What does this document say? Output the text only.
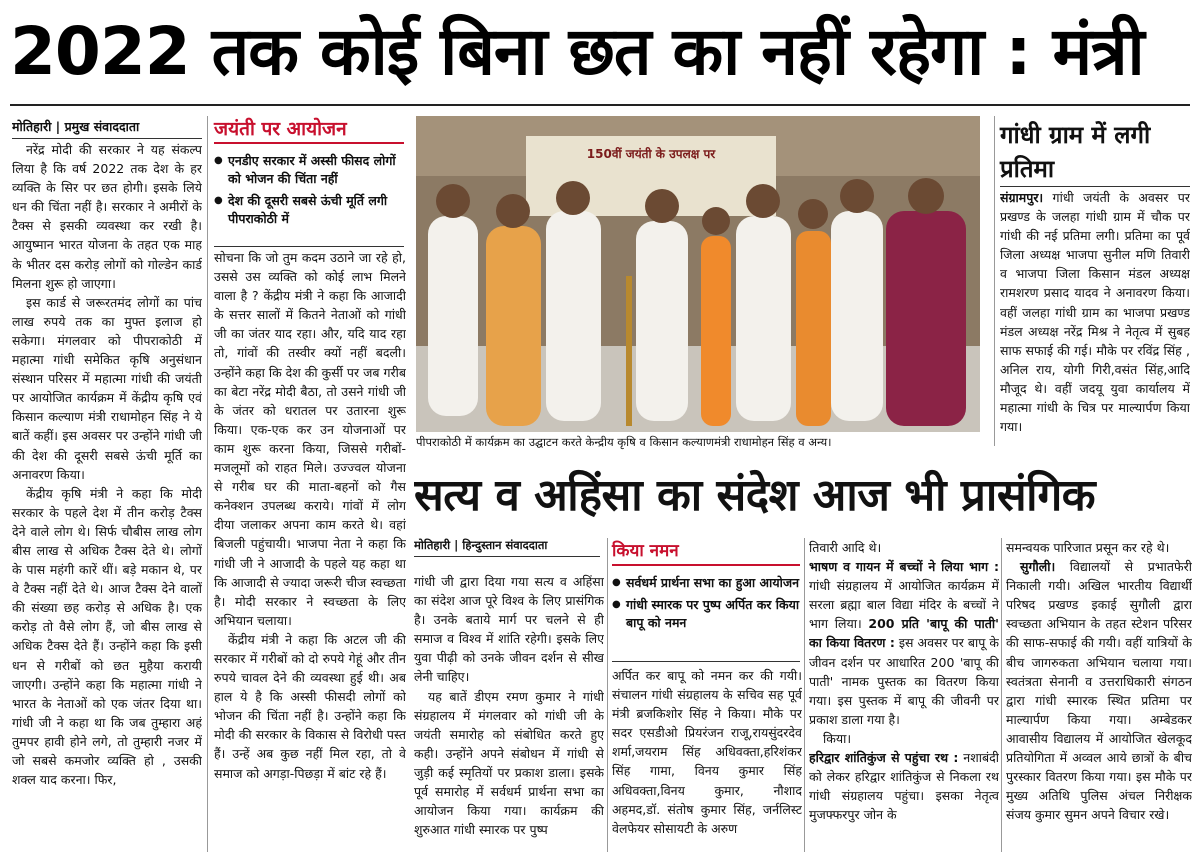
2022 तक कोई बिना छत का नहीं रहेगा : मंत्री
मोतिहारी | प्रमुख संवाददाता

नरेंद्र मोदी की सरकार ने यह संकल्प लिया है कि वर्ष 2022 तक देश के हर व्यक्ति के सिर पर छत होगी। इसके लिये धन की चिंता नहीं है। सरकार ने अमीरों के टैक्स से इसकी व्यवस्था कर रखी है। आयुष्मान भारत योजना के तहत एक माह के भीतर दस करोड़ लोगों को गोल्डेन कार्ड मिलना शुरू हो जाएगा।

इस कार्ड से जरूरतमंद लोगों का पांच लाख रुपये तक का मुफ्त इलाज हो सकेगा। मंगलवार को पीपराकोठी में महात्मा गांधी समेकित कृषि अनुसंधान संस्थान परिसर में महात्मा गांधी की जयंती पर आयोजित कार्यक्रम में केंद्रीय कृषि एवं किसान कल्याण मंत्री राधामोहन सिंह ने ये बातें कहीं। इस अवसर पर उन्होंने गांधी जी की देश की दूसरी सबसे ऊंची मूर्ति का अनावरण किया।

केंद्रीय कृषि मंत्री ने कहा कि मोदी सरकार के पहले देश में तीन करोड़ टैक्स देने वाले लोग थे। सिर्फ चौबीस लाख लोग बीस लाख से अधिक टैक्स देते थे। लोगों के पास महंगी कारें थीं। बड़े मकान थे, पर वे टैक्स नहीं देते थे। आज टैक्स देने वालों की संख्या छह करोड़ से अधिक है। एक करोड़ तो वैसे लोग हैं, जो बीस लाख से अधिक टैक्स देते हैं। उन्होंने कहा कि इसी धन से गरीबों को छत मुहैया करायी जाएगी। उन्होंने कहा कि महात्मा गांधी ने भारत के नेताओं को एक जंतर दिया था। गांधी जी ने कहा था कि जब तुम्हारा अहं तुमपर हावी होने लगे, तो तुम्हारी नजर में जो सबसे कमजोर व्यक्ति हो , उसकी शक्ल याद करना। फिर,

जयंती पर आयोजन
● एनडीए सरकार में अस्सी फीसद लोगों को भोजन की चिंता नहीं
● देश की दूसरी सबसे ऊंची मूर्ति लगी पीपराकोठी में

सोचना कि जो तुम कदम उठाने जा रहे हो, उससे उस व्यक्ति को कोई लाभ मिलने वाला है ? केंद्रीय मंत्री ने कहा कि आजादी के सत्तर सालों में कितने नेताओं को गांधी जी का जंतर याद रहा। और, यदि याद रहा तो, गांवों की तस्वीर क्यों नहीं बदली। उन्होंने कहा कि देश की कुर्सी पर जब गरीब का बेटा नरेंद्र मोदी बैठा, तो उसने गांधी जी के जंतर को धरातल पर उतारना शुरू किया। एक-एक कर उन योजनाओं पर काम शुरू करना किया, जिससे गरीबों-मजलूमों को राहत मिले। उज्ज्वल योजना से गरीब घर की माता-बहनों को गैस कनेक्शन उपलब्ध कराये। गांवों में लोग दीया जलाकर अपना काम करते थे। वहां बिजली पहुंचायी। भाजपा नेता ने कहा कि गांधी जी ने आजादी के पहले यह कहा था कि आजादी से ज्यादा जरूरी चीज स्वच्छता है। मोदी सरकार ने स्वच्छता के लिए अभियान चलाया।

केंद्रीय मंत्री ने कहा कि अटल जी की सरकार में गरीबों को दो रुपये गेहूं और तीन रुपये चावल देने की व्यवस्था हुई थी। अब हाल ये है कि अस्सी फीसदी लोगों को भोजन की चिंता नहीं है। उन्होंने कहा कि मोदी की सरकार के विकास से विरोधी पस्त हैं। उन्हें अब कुछ नहीं मिल रहा, तो वे समाज को अगड़ा-पिछड़ा में बांट रहे हैं।

150वीं जयंती के उपलक्ष पर
पीपराकोठी में कार्यक्रम का उद्घाटन करते केन्द्रीय कृषि व किसान कल्याणमंत्री राधामोहन सिंह व अन्य।
गांधी ग्राम में लगी प्रतिमा
संग्रामपुर। गांधी जयंती के अवसर पर प्रखण्ड के जलहा गांधी ग्राम में चौक पर गांधी की नई प्रतिमा लगी। प्रतिमा का पूर्व जिला अध्यक्ष भाजपा सुनील मणि तिवारी व भाजपा जिला किसान मंडल अध्यक्ष रामशरण प्रसाद यादव ने अनावरण किया। वहीं जलहा गांधी ग्राम का भाजपा प्रखण्ड मंडल अध्यक्ष नरेंद्र मिश्र ने नेतृत्व में सुबह साफ सफाई की गई। मौके पर रविंद्र सिंह , अनिल राय, योगी गिरी,वसंत सिंह,आदि मौजूद थे। वहीं जदयू युवा कार्यालय में महात्मा गांधी के चित्र पर माल्यार्पण किया गया।
सत्य व अहिंसा का संदेश आज भी प्रासंगिक
मोतिहारी | हिन्दुस्तान संवाददाता

गांधी जी द्वारा दिया गया सत्य व अहिंसा का संदेश आज पूरे विश्व के लिए प्रासंगिक है। उनके बताये मार्ग पर चलने से ही समाज व विश्व में शांति रहेगी। इसके लिए युवा पीढ़ी को उनके जीवन दर्शन से सीख लेनी चाहिए।

यह बातें डीएम रमण कुमार ने गांधी संग्रहालय में मंगलवार को गांधी जी के जयंती समारोह को संबोधित करते हुए कही। उन्होंने अपने संबोधन में गांधी से जुड़ी कई स्मृतियों पर प्रकाश डाला। इसके पूर्व समारोह में सर्वधर्म प्रार्थना सभा का आयोजन किया गया। कार्यक्रम की शुरुआत गांधी स्मारक पर पुष्प

किया नमन
● सर्वधर्म प्रार्थना सभा का हुआ आयोजन
● गांधी स्मारक पर पुष्प अर्पित कर किया बापू को नमन

अर्पित कर बापू को नमन कर की गयी। संचालन गांधी संग्रहालय के सचिव सह पूर्व मंत्री ब्रजकिशोर सिंह ने किया। मौके पर सदर एसडीओ प्रियरंजन राजू,रायसुंदरदेव शर्मा,जयराम सिंह अधिवक्ता,हरिशंकर सिंह गामा, विनय कुमार सिंह अधिवक्ता,विनय कुमार, नौशाद अहमद,डॉ. संतोष कुमार सिंह, जर्नलिस्ट वेलफेयर सोसायटी के अरुण

तिवारी आदि थे।

भाषण व गायन में बच्चों ने लिया भाग : गांधी संग्रहालय में आयोजित कार्यक्रम में सरला ब्रह्मा बाल विद्या मंदिर के बच्चों ने भाग लिया। 200 प्रति 'बापू की पाती' का किया वितरण : इस अवसर पर बापू के जीवन दर्शन पर आधारित 200 'बापू की पाती' नामक पुस्तक का वितरण किया गया। इस पुस्तक में बापू की जीवनी पर प्रकाश डाला गया है।

किया।

हरिद्वार शांतिकुंज से पहुंचा रथ : नशाबंदी को लेकर हरिद्वार शांतिकुंज से निकला रथ गांधी संग्रहालय पहुंचा। इसका नेतृत्व मुजफ्फरपुर जोन के

समन्वयक पारिजात प्रसून कर रहे थे।

सुगौली। विद्यालयों से प्रभातफेरी निकाली गयी। अखिल भारतीय विद्यार्थी परिषद प्रखण्ड इकाई सुगौली द्वारा स्वच्छता अभियान के तहत स्टेशन परिसर की साफ-सफाई की गयी। वहीं यात्रियों के बीच जागरुकता अभियान चलाया गया। स्वतंत्रता सेनानी व उत्तराधिकारी संगठन द्वारा गांधी स्मारक स्थित प्रतिमा पर माल्यार्पण किया गया। अम्बेडकर आवासीय विद्यालय में आयोजित खेलकूद प्रतियोगिता में अव्वल आये छात्रों के बीच पुरस्कार वितरण किया गया। इस मौके पर मुख्य अतिथि पुलिस अंचल निरीक्षक संजय कुमार सुमन अपने विचार रखे।
